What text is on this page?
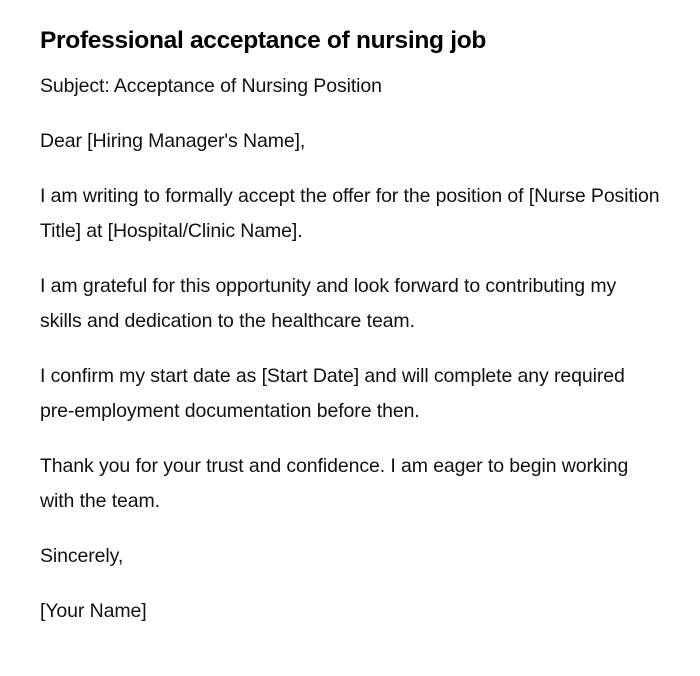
Professional acceptance of nursing job

Subject: Acceptance of Nursing Position

Dear [Hiring Manager's Name],

I am writing to formally accept the offer for the position of [Nurse Position Title] at [Hospital/Clinic Name].

I am grateful for this opportunity and look forward to contributing my skills and dedication to the healthcare team.

I confirm my start date as [Start Date] and will complete any required pre-employment documentation before then.

Thank you for your trust and confidence. I am eager to begin working with the team.

Sincerely,

[Your Name]
